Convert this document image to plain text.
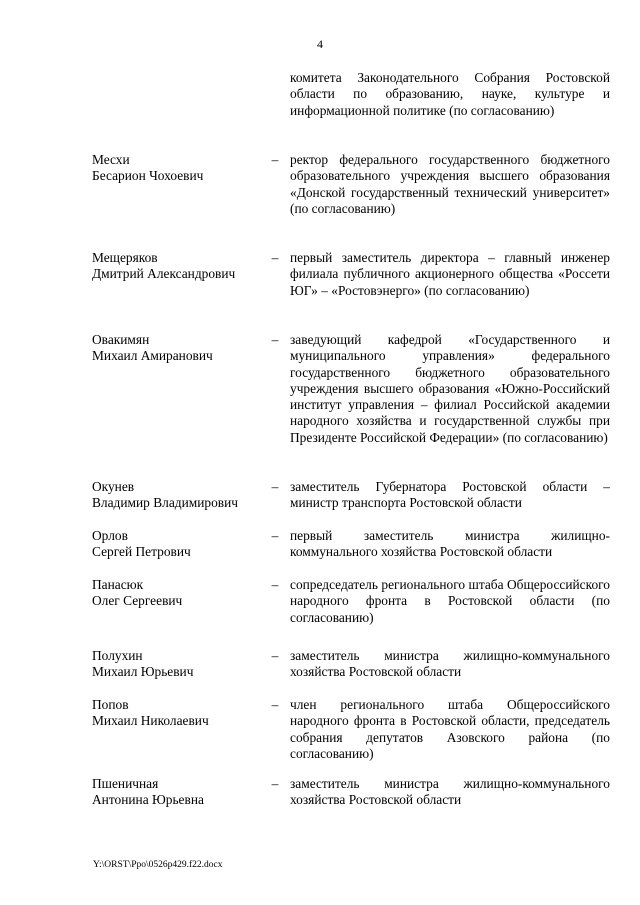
4
комитета Законодательного Собрания Ростовской области по образованию, науке, культуре и информационной политике (по согласованию)
Месхи
Бесарион Чохоевич
– ректор федерального государственного бюджетного образовательного учреждения высшего образования «Донской государственный технический университет» (по согласованию)
Мещеряков
Дмитрий Александрович
– первый заместитель директора – главный инженер филиала публичного акционерного общества «Россети ЮГ» – «Ростовэнерго» (по согласованию)
Овакимян
Михаил Амиранович
– заведующий кафедрой «Государственного и муниципального управления» федерального государственного бюджетного образовательного учреждения высшего образования «Южно-Российский институт управления – филиал Российской академии народного хозяйства и государственной службы при Президенте Российской Федерации» (по согласованию)
Окунев
Владимир Владимирович
– заместитель Губернатора Ростовской области – министр транспорта Ростовской области
Орлов
Сергей Петрович
– первый заместитель министра жилищно-коммунального хозяйства Ростовской области
Панасюк
Олег Сергеевич
– сопредседатель регионального штаба Общероссийского народного фронта в Ростовской области (по согласованию)
Полухин
Михаил Юрьевич
– заместитель министра жилищно-коммунального хозяйства Ростовской области
Попов
Михаил Николаевич
– член регионального штаба Общероссийского народного фронта в Ростовской области, председатель собрания депутатов Азовского района (по согласованию)
Пшеничная
Антонина Юрьевна
– заместитель министра жилищно-коммунального хозяйства Ростовской области
Y:\ORST\Ppo\0526p429.f22.docx
